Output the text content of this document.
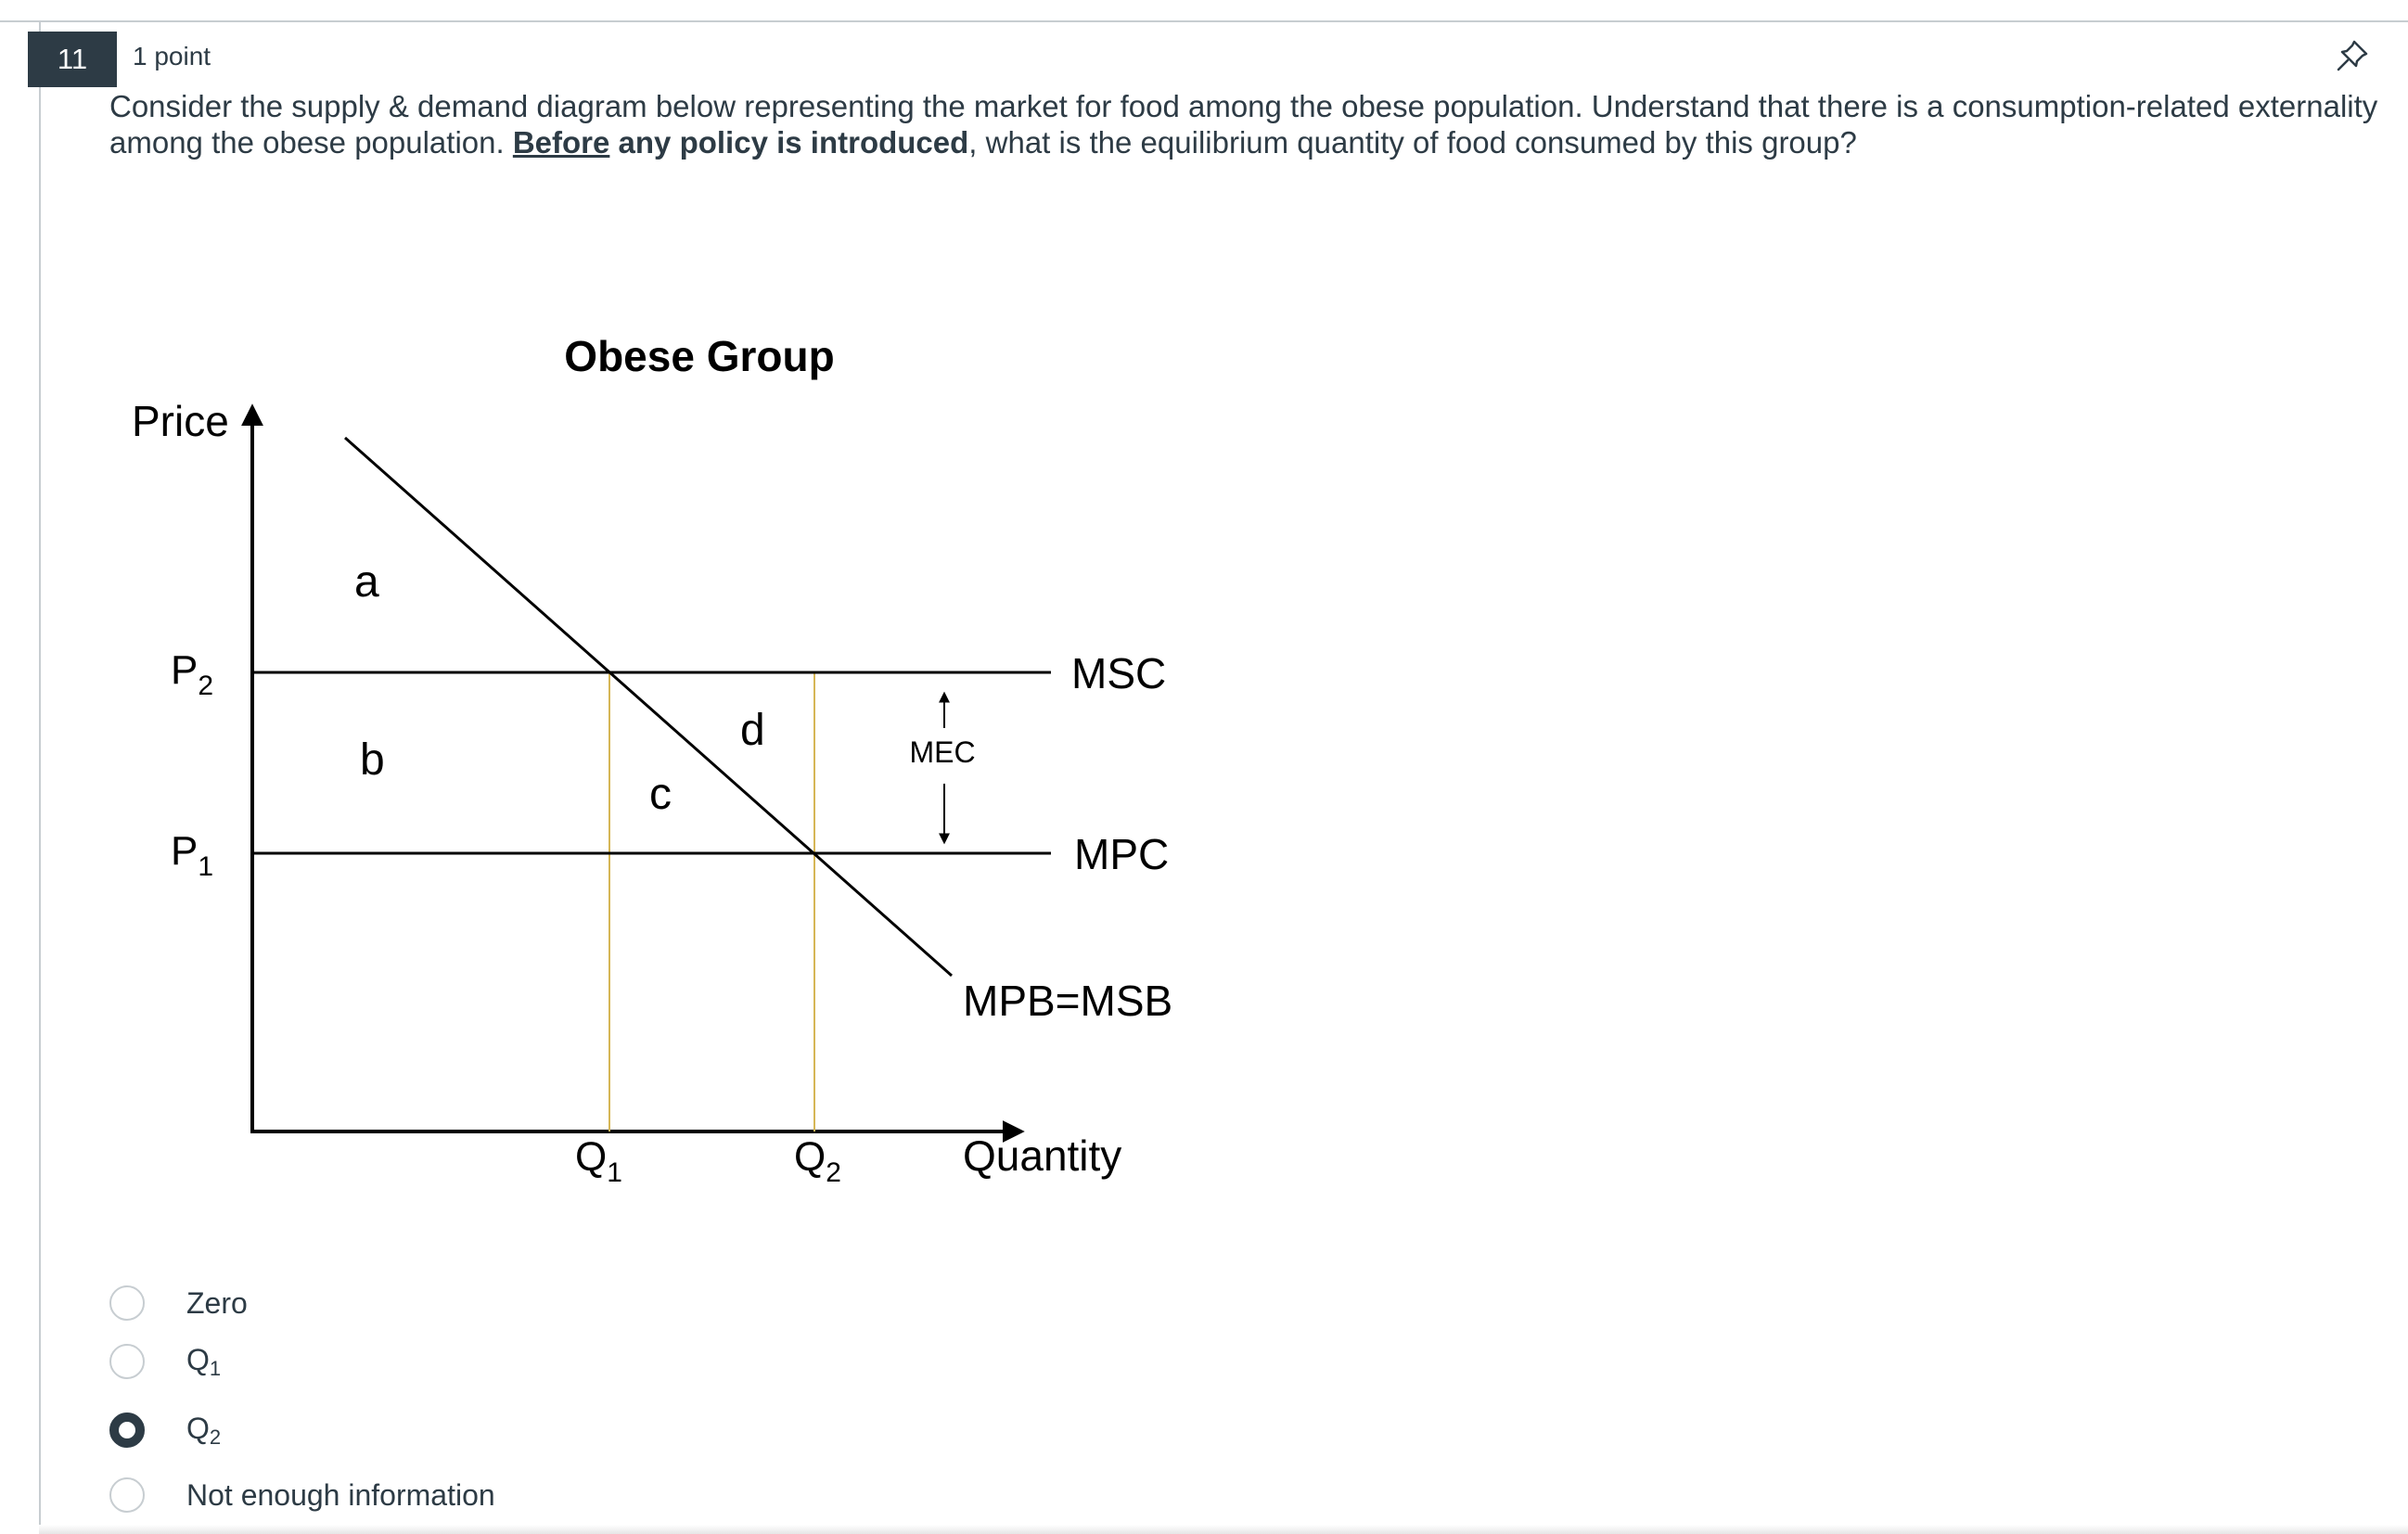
11	1 point
Consider the supply & demand diagram below representing the market for food among the obese population. Understand that there is a consumption-related externality among the obese population. Before any policy is introduced, what is the equilibrium quantity of food consumed by this group?
Obese Group
Price
Quantity
$P_2$
$P_1$
$Q_1$	$Q_2$
MSC
MPC
MPB=MSB
MEC
a
b
c
d
Zero
$Q_1$
$Q_2$
Not enough information
